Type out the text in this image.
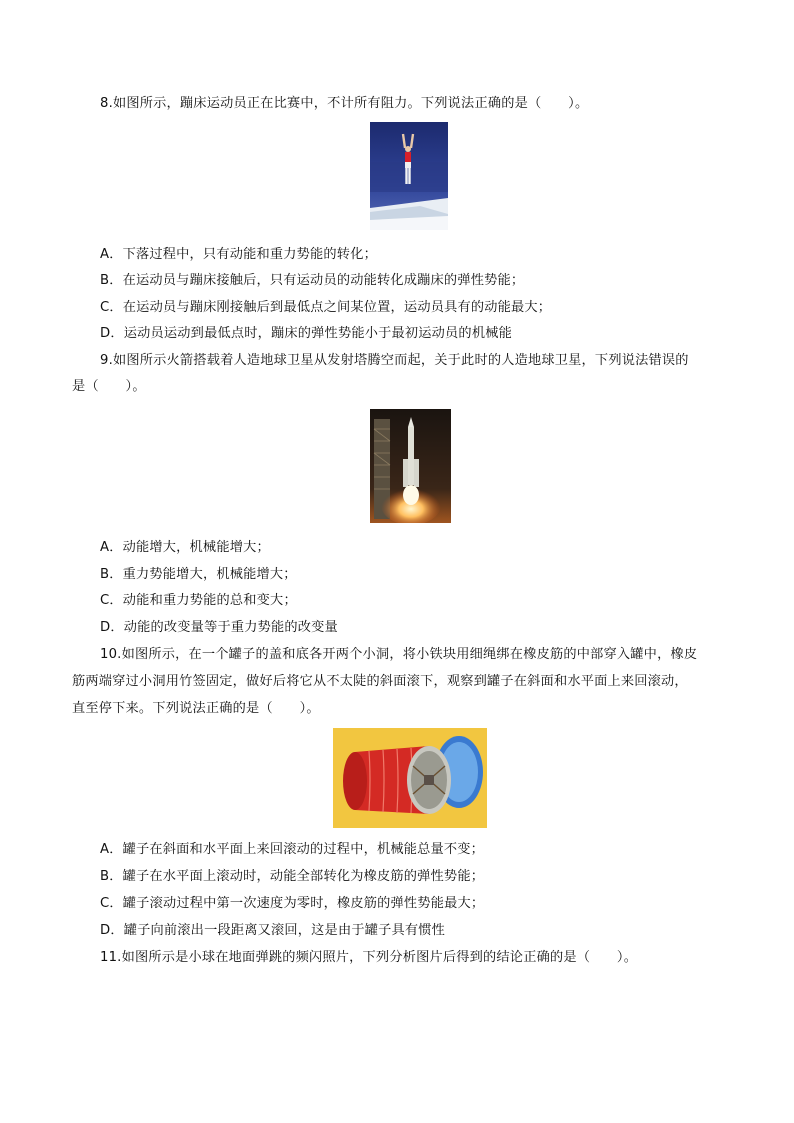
8.如图所示，蹦床运动员正在比赛中，不计所有阻力。下列说法正确的是（　　）。
A．下落过程中，只有动能和重力势能的转化；
B．在运动员与蹦床接触后，只有运动员的动能转化成蹦床的弹性势能；
C．在运动员与蹦床刚接触后到最低点之间某位置，运动员具有的动能最大；
D．运动员运动到最低点时，蹦床的弹性势能小于最初运动员的机械能
9.如图所示火箭搭载着人造地球卫星从发射塔腾空而起，关于此时的人造地球卫星，下列说法错误的
是（　　）。
A．动能增大，机械能增大；
B．重力势能增大，机械能增大；
C．动能和重力势能的总和变大；
D．动能的改变量等于重力势能的改变量
10.如图所示，在一个罐子的盖和底各开两个小洞，将小铁块用细绳绑在橡皮筋的中部穿入罐中，橡皮
筋两端穿过小洞用竹签固定，做好后将它从不太陡的斜面滚下，观察到罐子在斜面和水平面上来回滚动，
直至停下来。下列说法正确的是（　　）。
A．罐子在斜面和水平面上来回滚动的过程中，机械能总量不变；
B．罐子在水平面上滚动时，动能全部转化为橡皮筋的弹性势能；
C．罐子滚动过程中第一次速度为零时，橡皮筋的弹性势能最大；
D．罐子向前滚出一段距离又滚回，这是由于罐子具有惯性
11.如图所示是小球在地面弹跳的频闪照片，下列分析图片后得到的结论正确的是（　　）。
